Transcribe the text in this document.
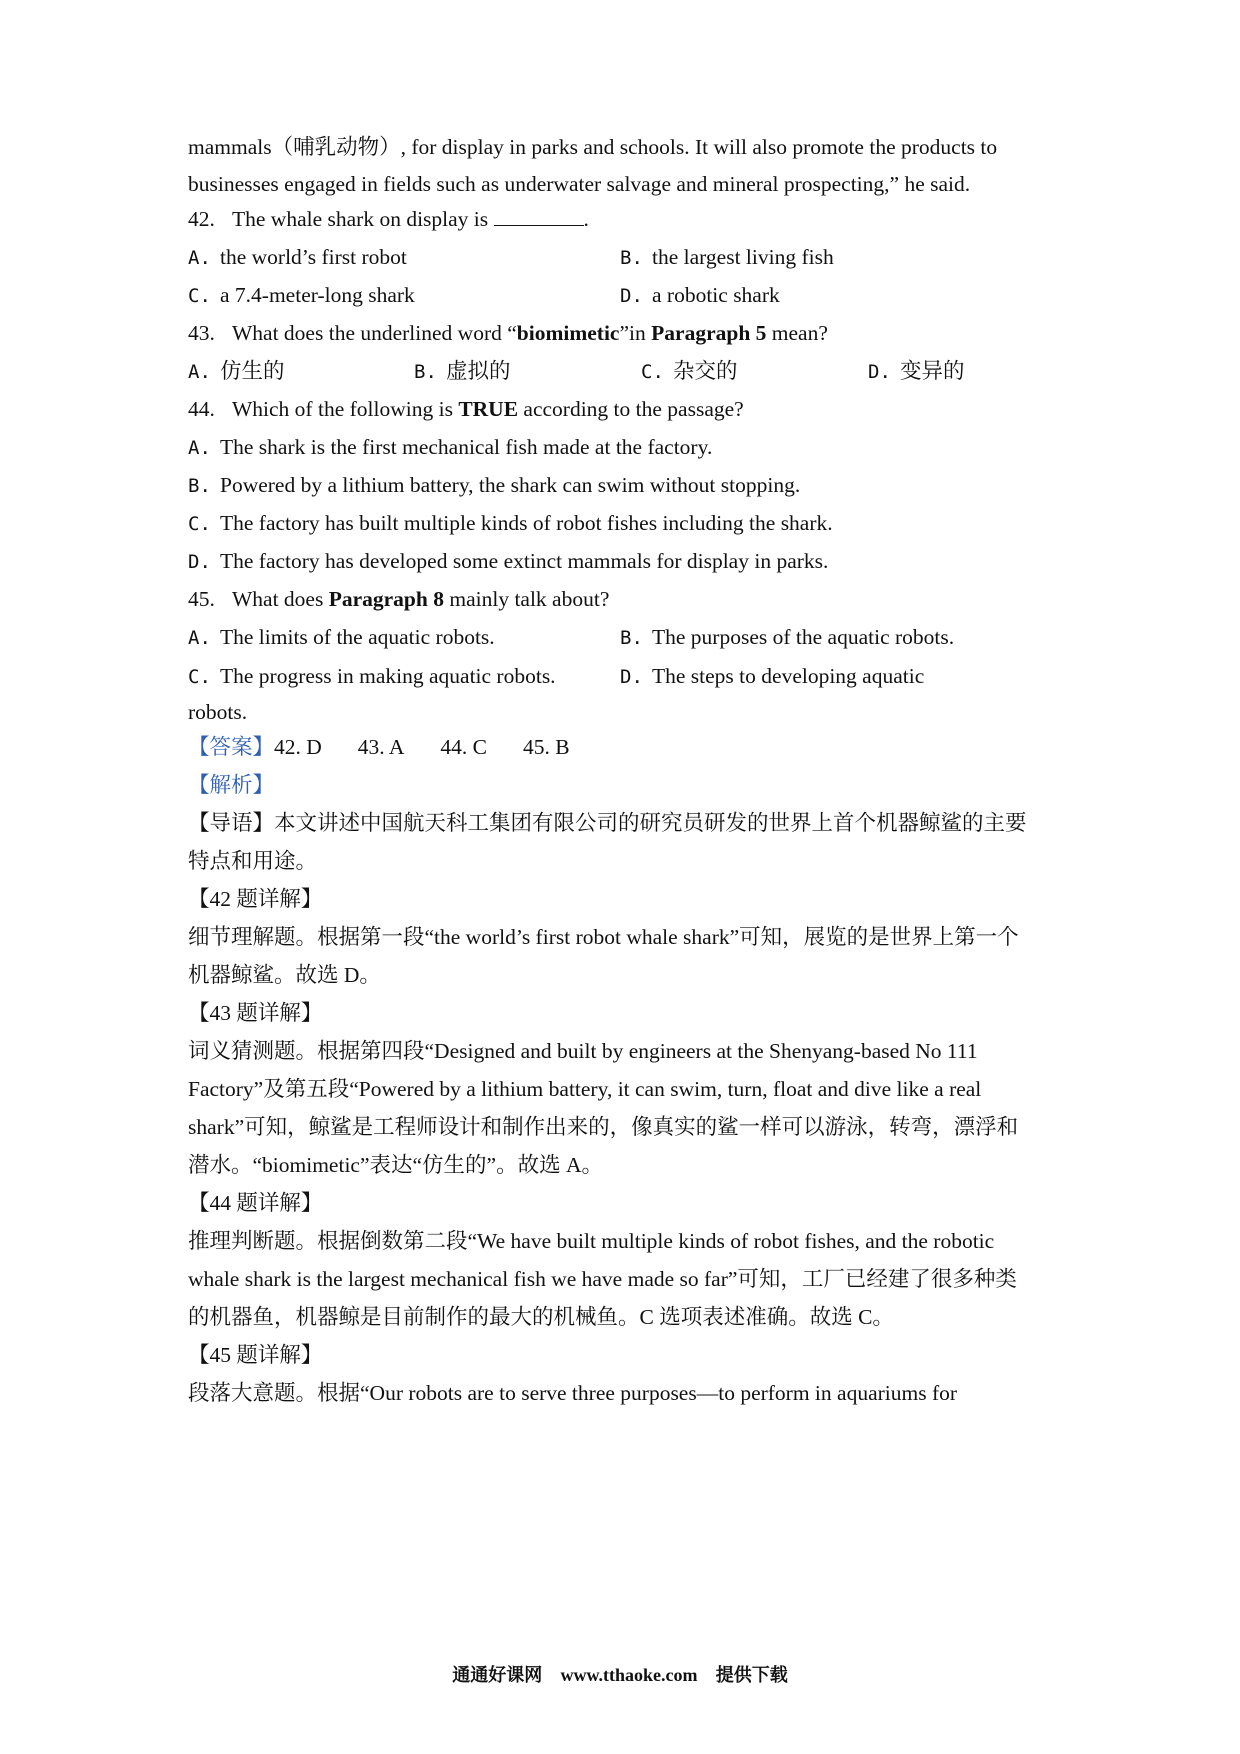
mammals（哺乳动物）, for display in parks and schools. It will also promote the products to
businesses engaged in fields such as underwater salvage and mineral prospecting,” he said.
42. The whale shark on display is	.
A. the world’s first robot	B. the largest living fish
C. a 7.4-meter-long shark	D. a robotic shark
43. What does the underlined word “biomimetic”in Paragraph 5 mean?
A. 仿生的	B. 虚拟的	C. 杂交的	D. 变异的
44. Which of the following is TRUE according to the passage?
A. The shark is the first mechanical fish made at the factory.
B. Powered by a lithium battery, the shark can swim without stopping.
C. The factory has built multiple kinds of robot fishes including the shark.
D. The factory has developed some extinct mammals for display in parks.
45. What does Paragraph 8 mainly talk about?
A. The limits of the aquatic robots.	B. The purposes of the aquatic robots.
C. The progress in making aquatic robots.	D. The steps to developing aquatic
robots.
【答案】42. D 43. A 44. C 45. B
【解析】
【导语】本文讲述中国航天科工集团有限公司的研究员研发的世界上首个机器鲸鲨的主要
特点和用途。
【42 题详解】
细节理解题。根据第一段“the world’s first robot whale shark”可知，展览的是世界上第一个
机器鲸鲨。故选 D。
【43 题详解】
词义猜测题。根据第四段“Designed and built by engineers at the Shenyang-based No 111
Factory”及第五段“Powered by a lithium battery, it can swim, turn, float and dive like a real
shark”可知，鲸鲨是工程师设计和制作出来的，像真实的鲨一样可以游泳，转弯，漂浮和
潜水。“biomimetic”表达“仿生的”。故选 A。
【44 题详解】
推理判断题。根据倒数第二段“We have built multiple kinds of robot fishes, and the robotic
whale shark is the largest mechanical fish we have made so far”可知，工厂已经建了很多种类
的机器鱼，机器鲸是目前制作的最大的机械鱼。C 选项表述准确。故选 C。
【45 题详解】
段落大意题。根据“Our robots are to serve three purposes—to perform in aquariums for
通通好课网 www.tthaoke.com 提供下载
